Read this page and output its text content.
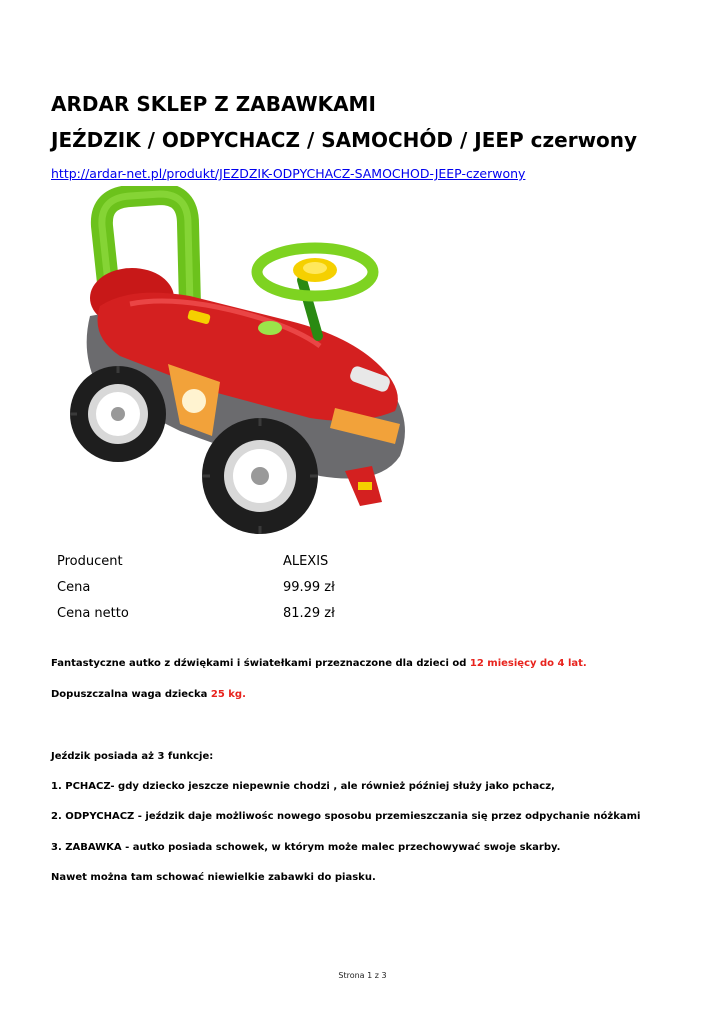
ARDAR SKLEP Z ZABAWKAMI
JEŹDZIK / ODPYCHACZ / SAMOCHÓD / JEEP czerwony
http://ardar-net.pl/produkt/JEZDZIK-ODPYCHACZ-SAMOCHOD-JEEP-czerwony
Producent	ALEXIS
Cena	99.99 zł
Cena netto	81.29 zł

Fantastyczne autko z dźwiękami i światełkami przeznaczone dla dzieci od 12 miesięcy do 4 lat.

Dopuszczalna waga dziecka 25 kg.

Jeździk posiada aż 3 funkcje:

1. PCHACZ- gdy dziecko jeszcze niepewnie chodzi , ale również później służy jako pchacz,

2. ODPYCHACZ - jeździk daje możliwośc nowego sposobu przemieszczania się przez odpychanie nóżkami

3. ZABAWKA - autko posiada schowek, w którym może malec przechowywać swoje skarby.

Nawet można tam schować niewielkie zabawki do piasku.

Strona 1 z 3
